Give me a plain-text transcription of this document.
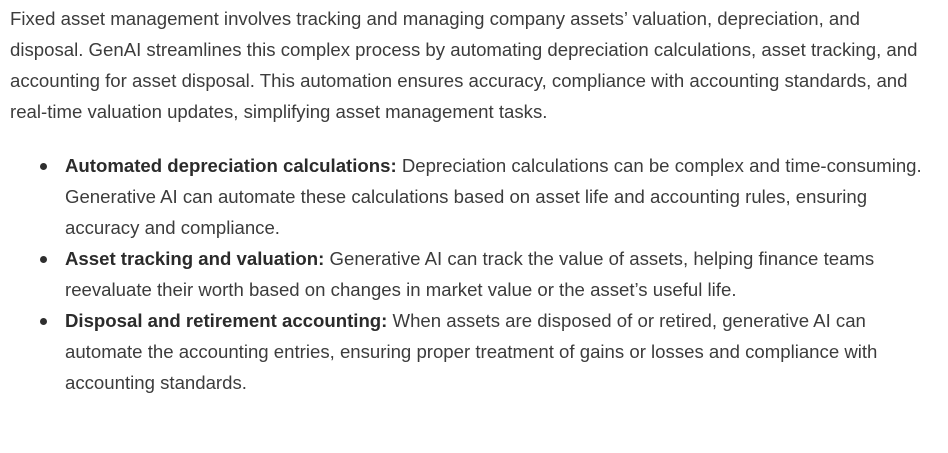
Fixed asset management involves tracking and managing company assets’ valuation, depreciation, and disposal. GenAI streamlines this complex process by automating depreciation calculations, asset tracking, and accounting for asset disposal. This automation ensures accuracy, compliance with accounting standards, and real-time valuation updates, simplifying asset management tasks.

Automated depreciation calculations: Depreciation calculations can be complex and time-consuming. Generative AI can automate these calculations based on asset life and accounting rules, ensuring accuracy and compliance.
Asset tracking and valuation: Generative AI can track the value of assets, helping finance teams reevaluate their worth based on changes in market value or the asset’s useful life.
Disposal and retirement accounting: When assets are disposed of or retired, generative AI can automate the accounting entries, ensuring proper treatment of gains or losses and compliance with accounting standards.
